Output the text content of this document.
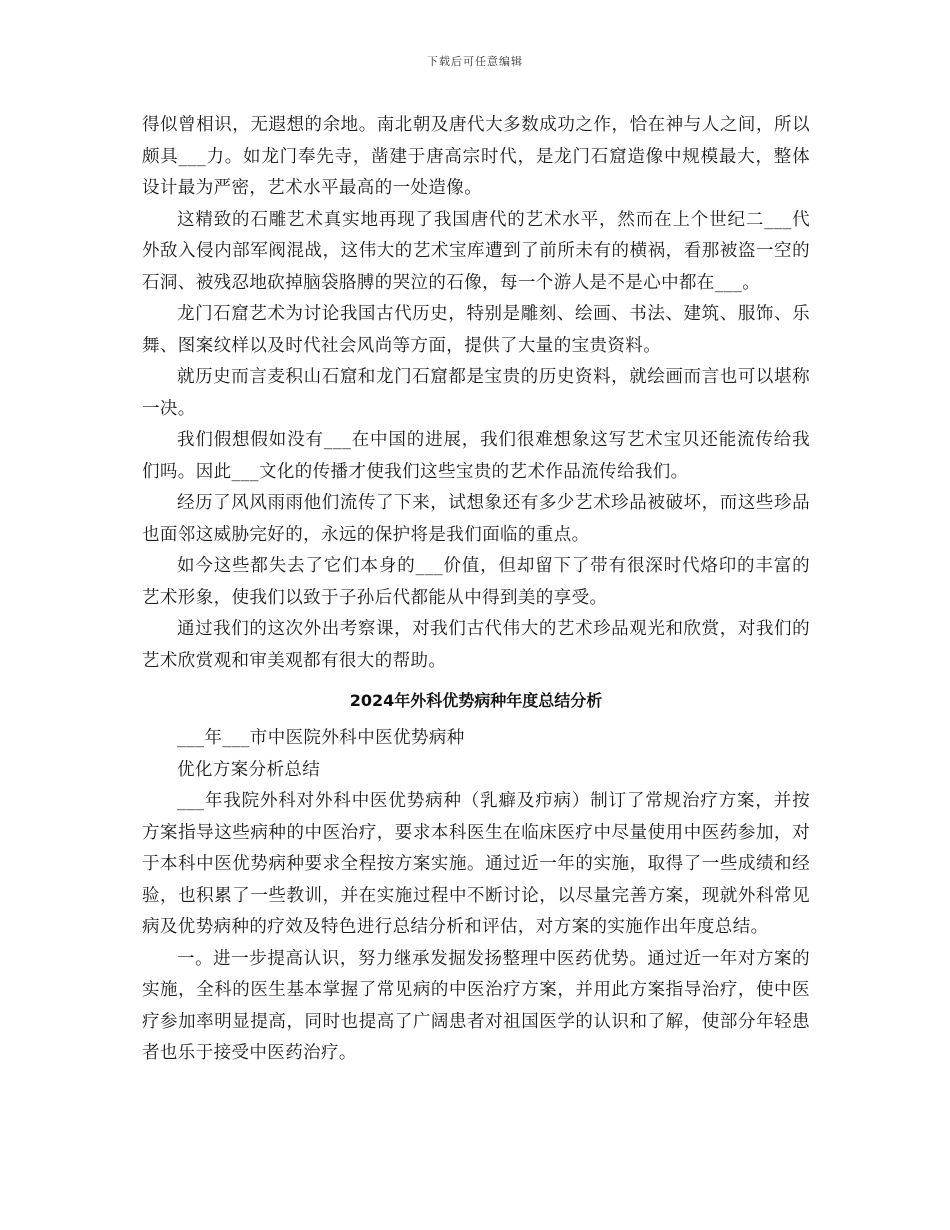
下载后可任意编辑

得似曾相识，无遐想的余地。南北朝及唐代大多数成功之作，恰在神与人之间，所以颇具___力。如龙门奉先寺，凿建于唐高宗时代，是龙门石窟造像中规模最大，整体设计最为严密，艺术水平最高的一处造像。

这精致的石雕艺术真实地再现了我国唐代的艺术水平，然而在上个世纪二___代外敌入侵内部军阀混战，这伟大的艺术宝库遭到了前所未有的横祸，看那被盗一空的石洞、被残忍地砍掉脑袋胳膊的哭泣的石像，每一个游人是不是心中都在___。

龙门石窟艺术为讨论我国古代历史，特别是雕刻、绘画、书法、建筑、服饰、乐舞、图案纹样以及时代社会风尚等方面，提供了大量的宝贵资料。

就历史而言麦积山石窟和龙门石窟都是宝贵的历史资料，就绘画而言也可以堪称一决。

我们假想假如没有___在中国的进展，我们很难想象这写艺术宝贝还能流传给我们吗。因此___文化的传播才使我们这些宝贵的艺术作品流传给我们。

经历了风风雨雨他们流传了下来，试想象还有多少艺术珍品被破坏，而这些珍品也面邻这威胁完好的，永远的保护将是我们面临的重点。

如今这些都失去了它们本身的___价值，但却留下了带有很深时代烙印的丰富的艺术形象，使我们以致于子孙后代都能从中得到美的享受。

通过我们的这次外出考察课，对我们古代伟大的艺术珍品观光和欣赏，对我们的艺术欣赏观和审美观都有很大的帮助。

2024年外科优势病种年度总结分析

___年___市中医院外科中医优势病种

优化方案分析总结

___年我院外科对外科中医优势病种（乳癖及疖病）制订了常规治疗方案，并按方案指导这些病种的中医治疗，要求本科医生在临床医疗中尽量使用中医药参加，对于本科中医优势病种要求全程按方案实施。通过近一年的实施，取得了一些成绩和经验，也积累了一些教训，并在实施过程中不断讨论，以尽量完善方案，现就外科常见病及优势病种的疗效及特色进行总结分析和评估，对方案的实施作出年度总结。

一。进一步提高认识，努力继承发掘发扬整理中医药优势。通过近一年对方案的实施，全科的医生基本掌握了常见病的中医治疗方案，并用此方案指导治疗，使中医疗参加率明显提高，同时也提高了广阔患者对祖国医学的认识和了解，使部分年轻患者也乐于接受中医药治疗。
